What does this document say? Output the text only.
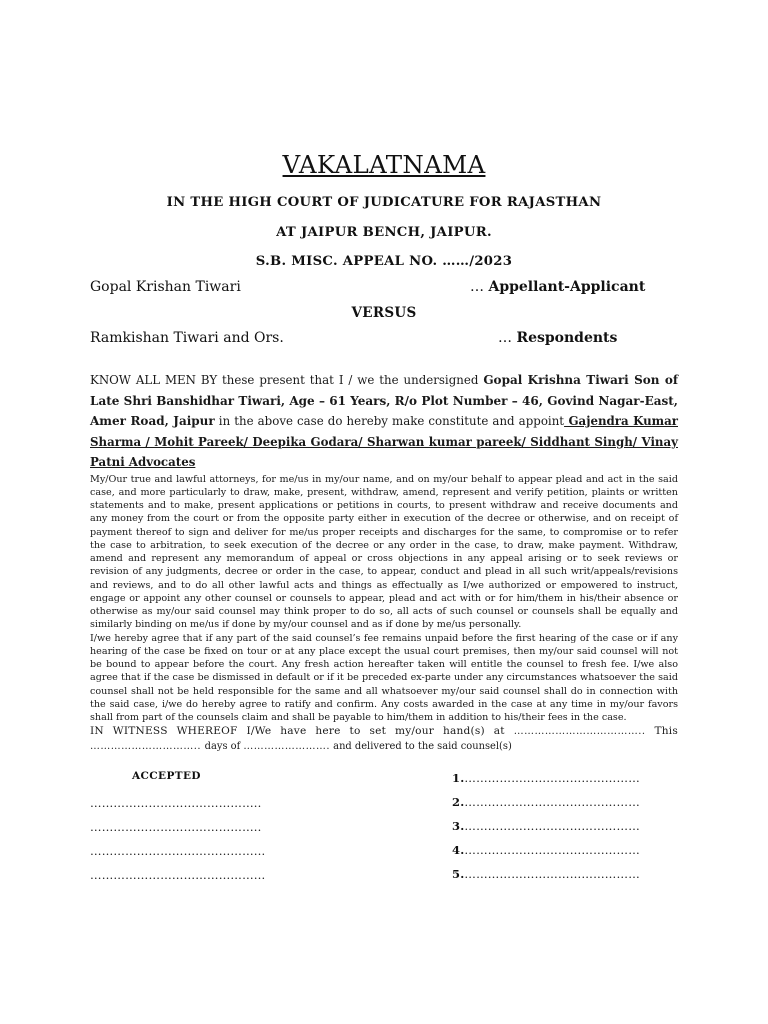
VAKALATNAMA
IN THE HIGH COURT OF JUDICATURE FOR RAJASTHAN
AT JAIPUR BENCH, JAIPUR.
S.B. MISC. APPEAL NO. ……/2023
Gopal Krishan Tiwari	… Appellant-Applicant
VERSUS
Ramkishan Tiwari and Ors.	… Respondents

KNOW ALL MEN BY these present that I / we the undersigned Gopal Krishna Tiwari Son of Late Shri Banshidhar Tiwari, Age – 61 Years, R/o Plot Number – 46, Govind Nagar-East, Amer Road, Jaipur in the above case do hereby make constitute and appoint Gajendra Kumar Sharma / Mohit Pareek/ Deepika Godara/ Sharwan kumar pareek/ Siddhant Singh/ Vinay Patni Advocates

My/Our true and lawful attorneys, for me/us in my/our name, and on my/our behalf to appear plead and act in the said case, and more particularly to draw, make, present, withdraw, amend, represent and verify petition, plaints or written statements and to make, present applications or petitions in courts, to present withdraw and receive documents and any money from the court or from the opposite party either in execution of the decree or otherwise, and on receipt of payment thereof to sign and deliver for me/us proper receipts and discharges for the same, to compromise or to refer the case to arbitration, to seek execution of the decree or any order in the case, to draw, make payment. Withdraw, amend and represent any memorandum of appeal or cross objections in any appeal arising or to seek reviews or revision of any judgments, decree or order in the case, to appear, conduct and plead in all such writ/appeals/revisions and reviews, and to do all other lawful acts and things as effectually as I/we authorized or empowered to instruct, engage or appoint any other counsel or counsels to appear, plead and act with or for him/them in his/their absence or otherwise as my/our said counsel may think proper to do so, all acts of such counsel or counsels shall be equally and similarly binding on me/us if done by my/our counsel and as if done by me/us personally.

I/we hereby agree that if any part of the said counsel’s fee remains unpaid before the first hearing of the case or if any hearing of the case be fixed on tour or at any place except the usual court premises, then my/our said counsel will not be bound to appear before the court. Any fresh action hereafter taken will entitle the counsel to fresh fee. I/we also agree that if the case be dismissed in default or if it be preceded ex-parte under any circumstances whatsoever the said counsel shall not be held responsible for the same and all whatsoever my/our said counsel shall do in connection with the said case, i/we do hereby agree to ratify and confirm. Any costs awarded in the case at any time in my/our favors shall from part of the counsels claim and shall be payable to him/them in addition to his/their fees in the case.

IN WITNESS WHEREOF I/We have here to set my/our hand(s) at ……………………………….. This ………………………….. days of ……………………. and delivered to the said counsel(s)

ACCEPTED
……………………………………..
……………………………………..
………………………………………
………………………………………
1.………………………………………
2.………………………………………
3.………………………………………
4.………………………………………
5.………………………………………
